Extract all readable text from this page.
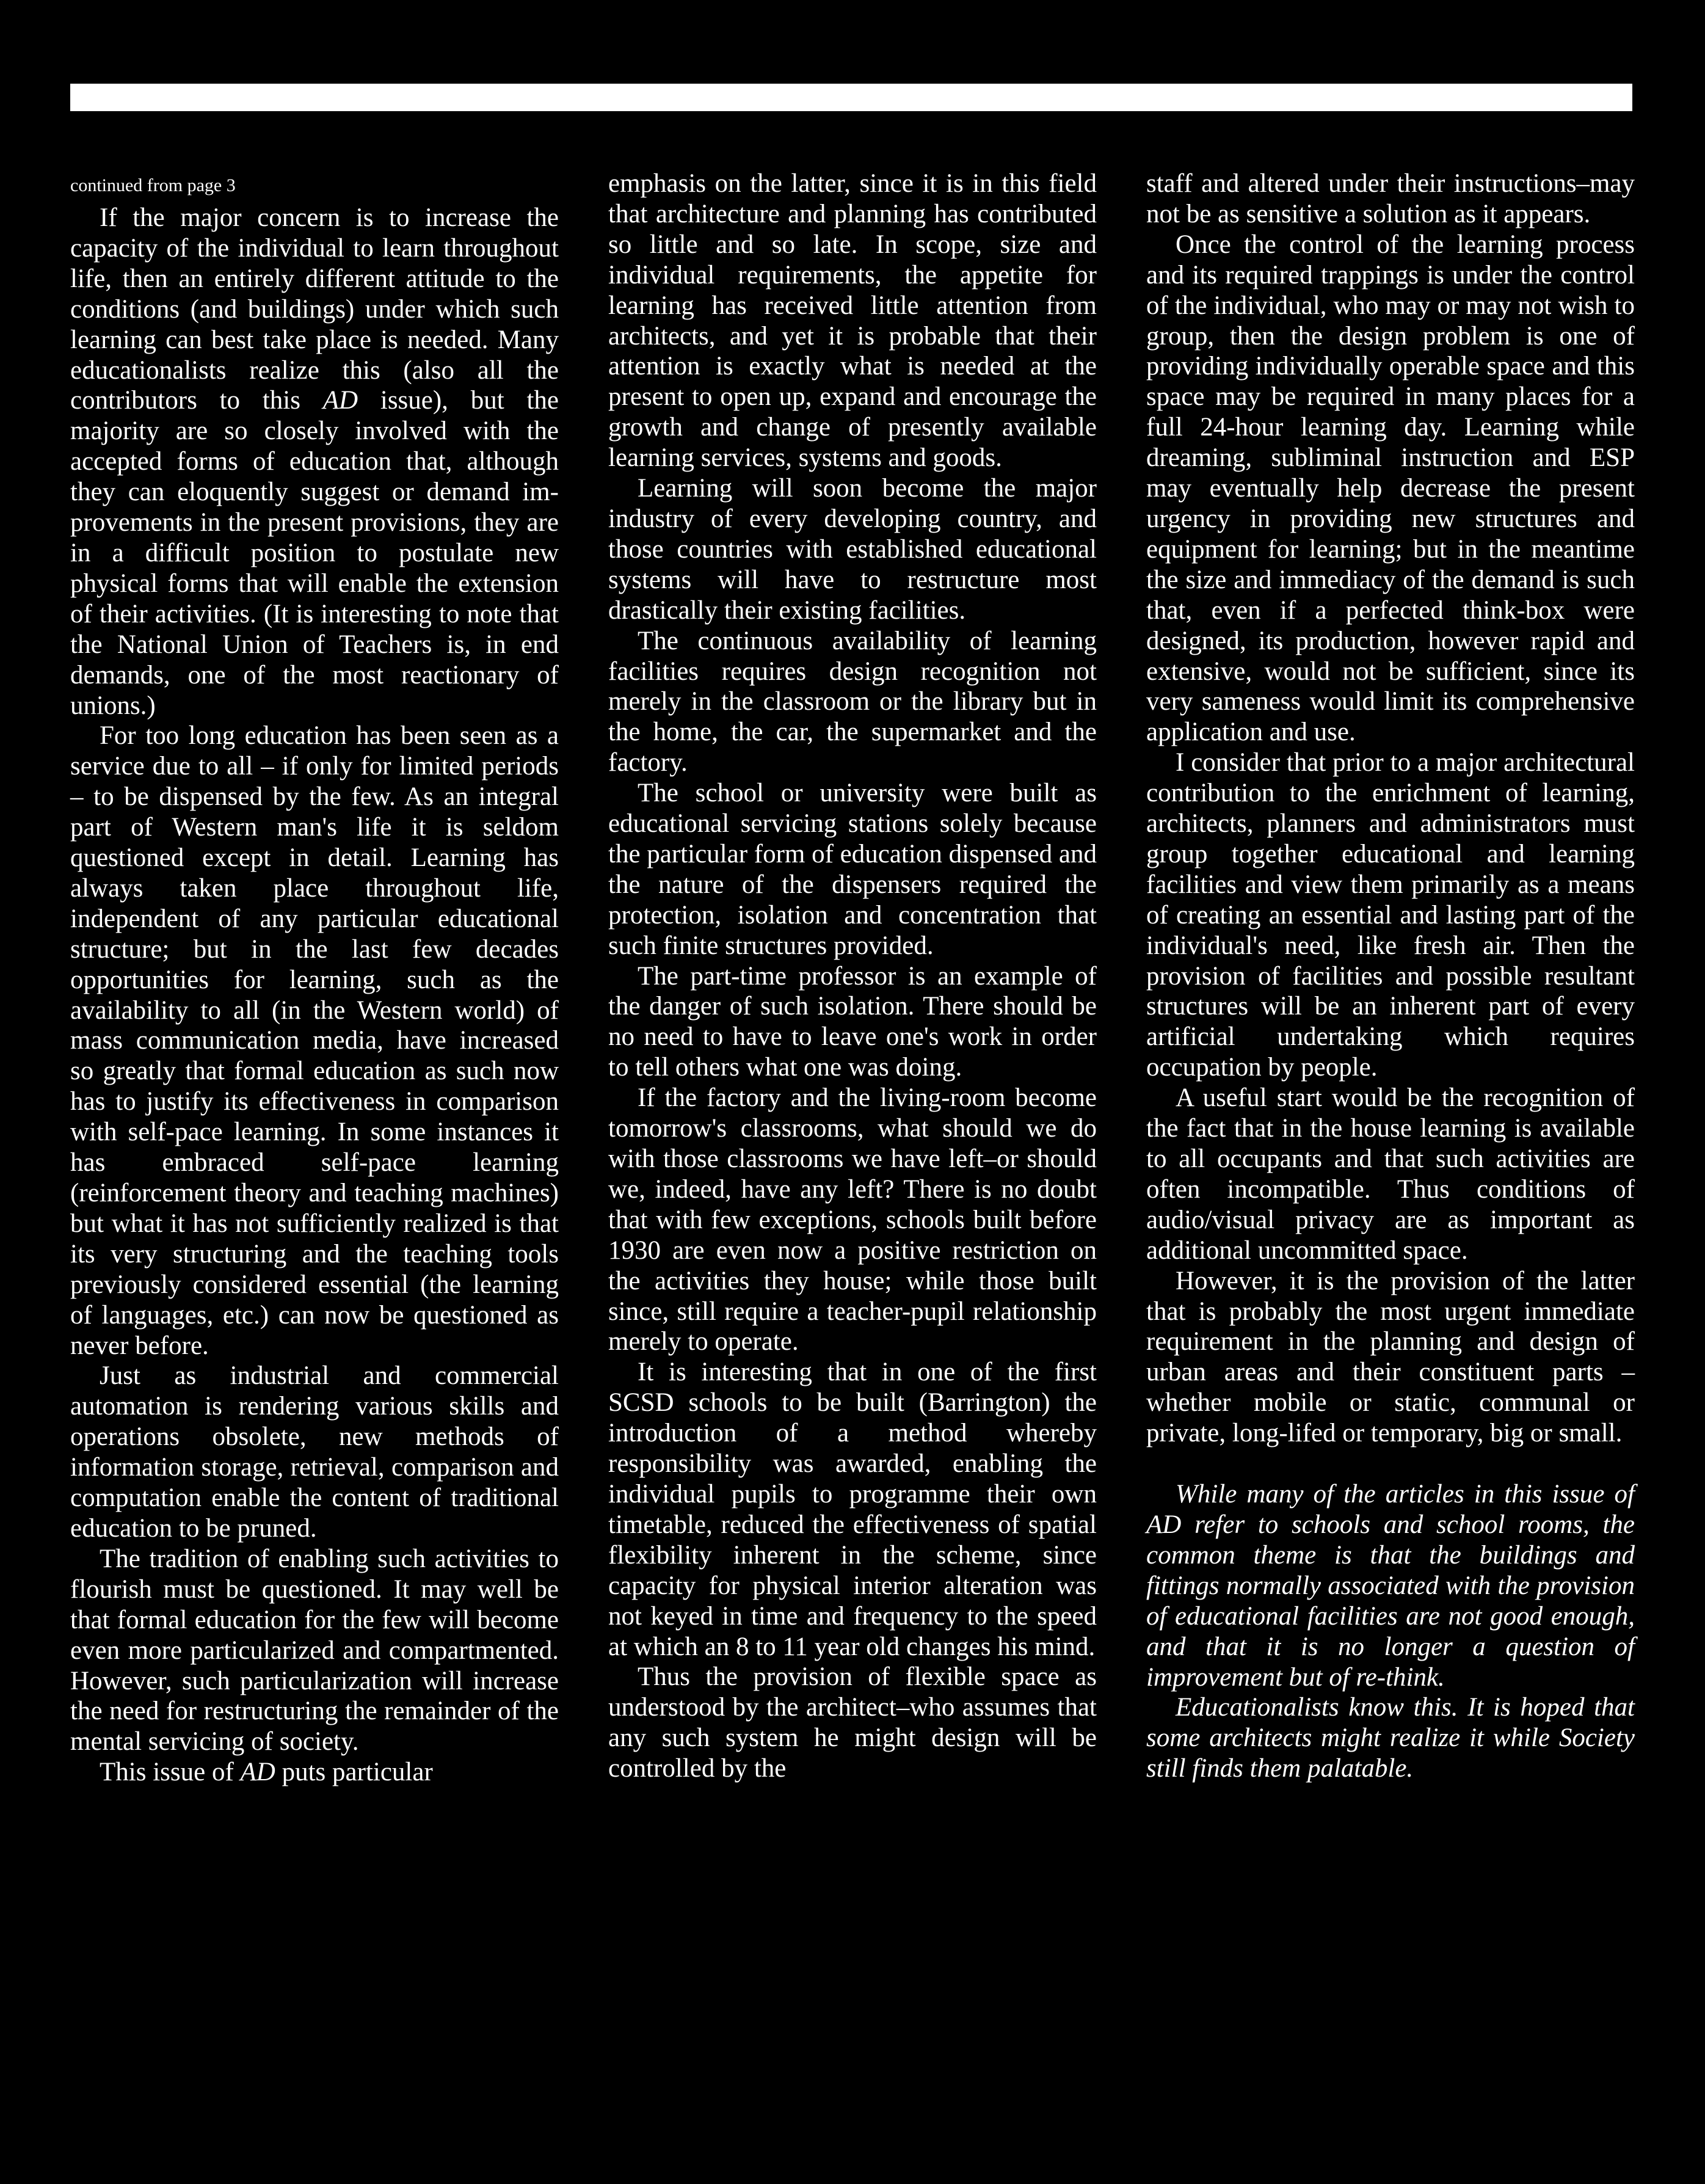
continued from page 3

If the major concern is to increase the capacity of the individual to learn throughout life, then an entirely different attitude to the conditions (and buildings) under which such learning can best take place is needed. Many educationalists realize this (also all the contributors to this AD issue), but the majority are so closely involved with the accepted forms of education that, although they can eloquently suggest or demand improvements in the present provisions, they are in a difficult position to postulate new physical forms that will enable the extension of their activities. (It is interesting to note that the National Union of Teachers is, in end demands, one of the most reactionary of unions.)

For too long education has been seen as a service due to all – if only for limited periods – to be dispensed by the few. As an integral part of Western man's life it is seldom questioned except in detail. Learning has always taken place throughout life, independent of any particular educational structure; but in the last few decades opportunities for learning, such as the availability to all (in the Western world) of mass communication media, have increased so greatly that formal education as such now has to justify its effectiveness in comparison with self-pace learning. In some instances it has embraced self-pace learning (reinforcement theory and teaching machines) but what it has not sufficiently realized is that its very structuring and the teaching tools previously considered essential (the learning of languages, etc.) can now be questioned as never before.

Just as industrial and commercial automation is rendering various skills and operations obsolete, new methods of information storage, retrieval, comparison and computation enable the content of traditional education to be pruned.

The tradition of enabling such activities to flourish must be questioned. It may well be that formal education for the few will become even more particularized and compartmented. However, such particularization will increase the need for restructuring the remainder of the mental servicing of society.

This issue of AD puts particular

emphasis on the latter, since it is in this field that architecture and planning has contributed so little and so late. In scope, size and individual requirements, the appetite for learning has received little attention from architects, and yet it is probable that their attention is exactly what is needed at the present to open up, expand and encourage the growth and change of presently available learning services, systems and goods.

Learning will soon become the major industry of every developing country, and those countries with established educational systems will have to restructure most drastically their existing facilities.

The continuous availability of learning facilities requires design recognition not merely in the classroom or the library but in the home, the car, the supermarket and the factory.

The school or university were built as educational servicing stations solely because the particular form of education dispensed and the nature of the dispensers required the protection, isolation and concentration that such finite structures provided.

The part-time professor is an example of the danger of such isolation. There should be no need to have to leave one's work in order to tell others what one was doing.

If the factory and the living-room become tomorrow's classrooms, what should we do with those classrooms we have left–or should we, indeed, have any left? There is no doubt that with few exceptions, schools built before 1930 are even now a positive restriction on the activities they house; while those built since, still require a teacher-pupil relationship merely to operate.

It is interesting that in one of the first SCSD schools to be built (Barrington) the introduction of a method whereby responsibility was awarded, enabling the individual pupils to programme their own timetable, reduced the effectiveness of spatial flexibility inherent in the scheme, since capacity for physical interior alteration was not keyed in time and frequency to the speed at which an 8 to 11 year old changes his mind.

Thus the provision of flexible space as understood by the architect–who assumes that any such system he might design will be controlled by the

staff and altered under their instructions–may not be as sensitive a solution as it appears.

Once the control of the learning process and its required trappings is under the control of the individual, who may or may not wish to group, then the design problem is one of providing individually operable space and this space may be required in many places for a full 24-hour learning day. Learning while dreaming, subliminal instruction and ESP may eventually help decrease the present urgency in providing new structures and equipment for learning; but in the meantime the size and immediacy of the demand is such that, even if a perfected think-box were designed, its production, however rapid and extensive, would not be sufficient, since its very sameness would limit its comprehensive application and use.

I consider that prior to a major architectural contribution to the enrichment of learning, architects, planners and administrators must group together educational and learning facilities and view them primarily as a means of creating an essential and lasting part of the individual's need, like fresh air. Then the provision of facilities and possible resultant structures will be an inherent part of every artificial undertaking which requires occupation by people.

A useful start would be the recognition of the fact that in the house learning is available to all occupants and that such activities are often incompatible. Thus conditions of audio/visual privacy are as important as additional uncommitted space.

However, it is the provision of the latter that is probably the most urgent immediate requirement in the planning and design of urban areas and their constituent parts – whether mobile or static, communal or private, long-lifed or temporary, big or small.

While many of the articles in this issue of AD refer to schools and school rooms, the common theme is that the buildings and fittings normally associated with the provision of educational facilities are not good enough, and that it is no longer a question of improvement but of re-think.

Educationalists know this. It is hoped that some architects might realize it while Society still finds them palatable.
